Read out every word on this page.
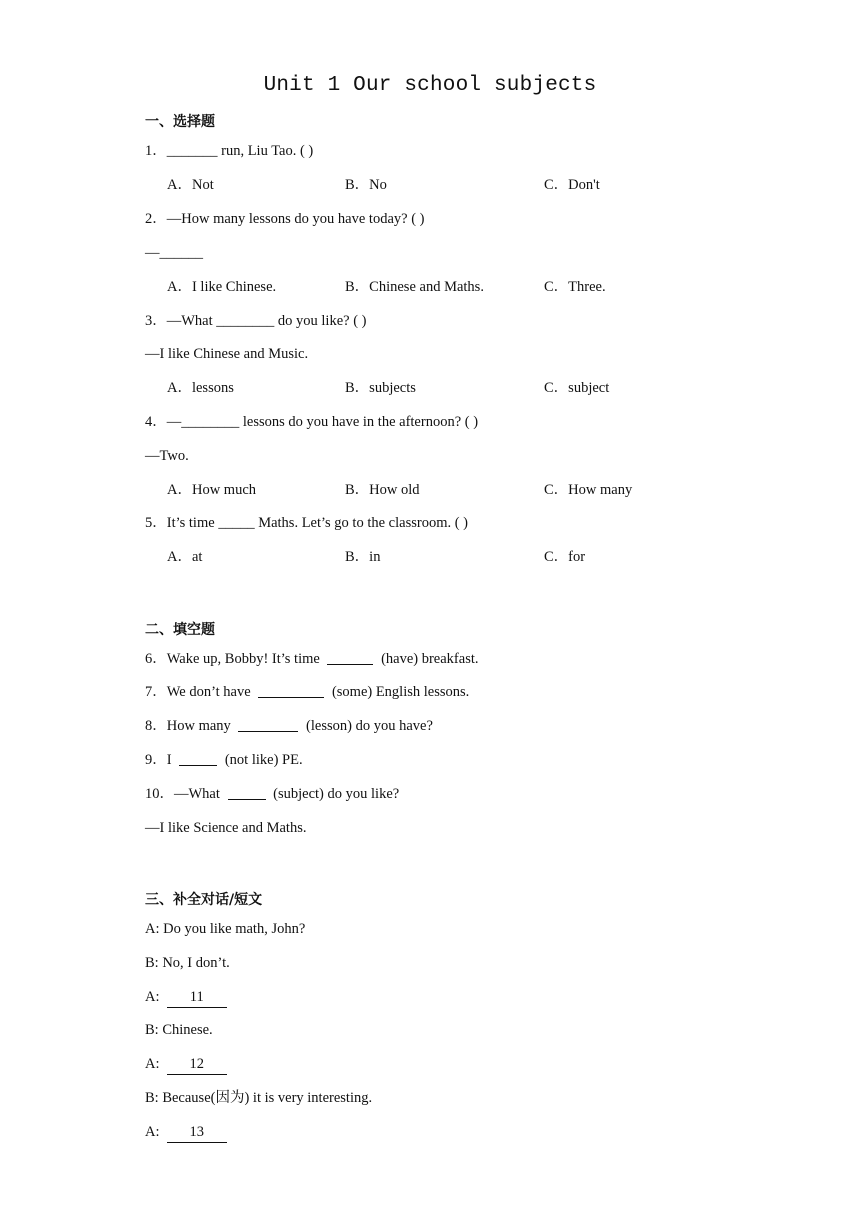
Unit 1 Our school subjects
一、选择题
1．_______ run, Liu Tao. ( )
A．Not	B．No	C．Don't
2．—How many lessons do you have today? ( )
—______
A．I like Chinese.	B．Chinese and Maths.	C．Three.
3．—What ________ do you like? ( )
—I like Chinese and Music.
A．lessons	B．subjects	C．subject
4．—________ lessons do you have in the afternoon? ( )
—Two.
A．How much	B．How old	C．How many
5．It’s time _____ Maths. Let’s go to the classroom. ( )
A．at	B．in	C．for
二、填空题
6．Wake up, Bobby! It’s time	(have) breakfast.
7．We don’t have	(some) English lessons.
8．How many	(lesson) do you have?
9．I	(not like) PE.
10．—What	(subject) do you like?
—I like Science and Maths.
三、补全对话/短文
A: Do you like math, John?
B: No, I don’t.
A: 11
B: Chinese.
A: 12
B: Because(因为) it is very interesting.
A: 13
